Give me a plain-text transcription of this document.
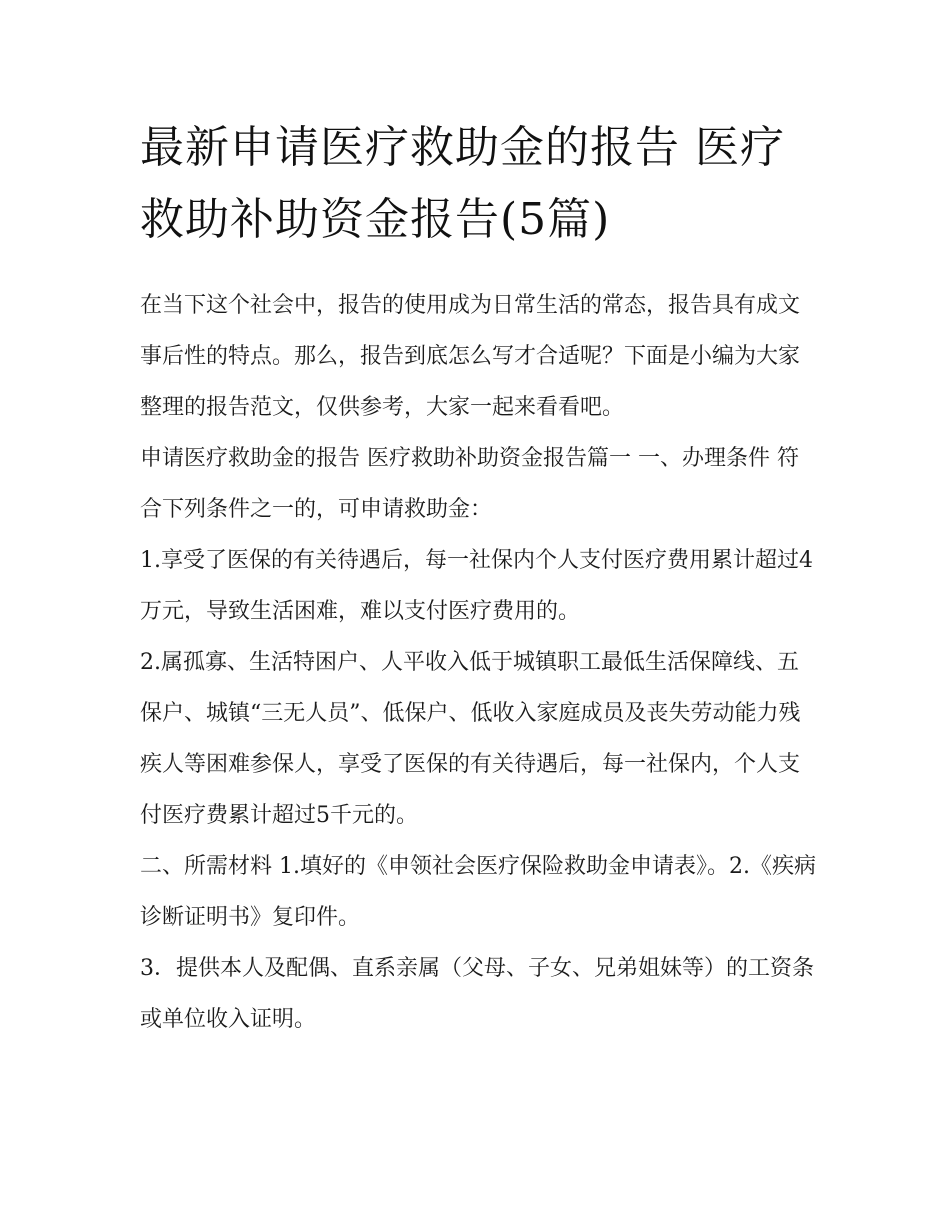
最新申请医疗救助金的报告 医疗救助补助资金报告(5篇)

在当下这个社会中，报告的使用成为日常生活的常态，报告具有成文事后性的特点。那么，报告到底怎么写才合适呢？下面是小编为大家整理的报告范文，仅供参考，大家一起来看看吧。

申请医疗救助金的报告 医疗救助补助资金报告篇一 一、办理条件 符合下列条件之一的，可申请救助金：

1.享受了医保的有关待遇后，每一社保内个人支付医疗费用累计超过4万元，导致生活困难，难以支付医疗费用的。

2.属孤寡、生活特困户、人平收入低于城镇职工最低生活保障线、五保户、城镇“三无人员”、低保户、低收入家庭成员及丧失劳动能力残疾人等困难参保人，享受了医保的有关待遇后，每一社保内，个人支付医疗费累计超过5千元的。

二、所需材料 1.填好的《申领社会医疗保险救助金申请表》。2.《疾病诊断证明书》复印件。

3．提供本人及配偶、直系亲属（父母、子女、兄弟姐妹等）的工资条或单位收入证明。
